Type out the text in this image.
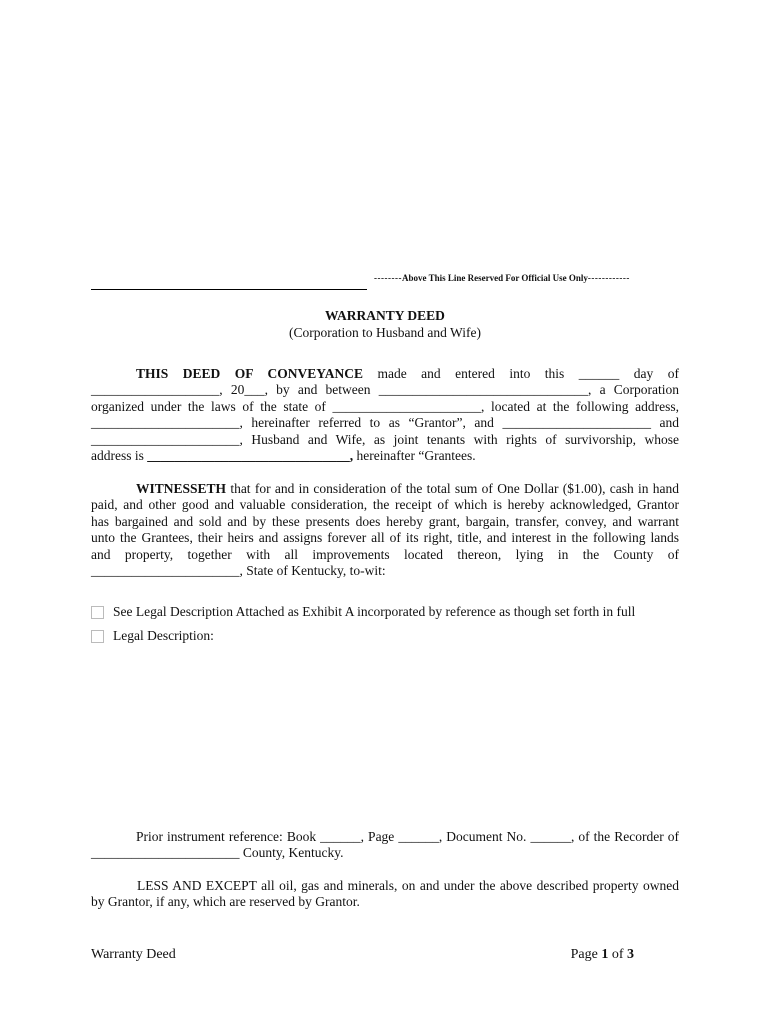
--------Above This Line Reserved For Official Use Only------------
WARRANTY DEED
(Corporation to Husband and Wife)

THIS DEED OF CONVEYANCE made and entered into this ______ day of

___________________, 20___, by and between _______________________________, a Corporation

organized under the laws of the state of ______________________, located at the following address,

______________________, hereinafter referred to as “Grantor”, and ______________________ and

______________________, Husband and Wife, as joint tenants with rights of survivorship, whose

address is ______________________________, hereinafter “Grantees.

WITNESSETH that for and in consideration of the total sum of One Dollar ($1.00), cash in hand

paid, and other good and valuable consideration, the receipt of which is hereby acknowledged, Grantor

has bargained and sold and by these presents does hereby grant, bargain, transfer, convey, and warrant

unto the Grantees, their heirs and assigns forever all of its right, title, and interest in the following lands

and property, together with all improvements located thereon, lying in the County of

______________________, State of Kentucky, to-wit:

See Legal Description Attached as Exhibit A incorporated by reference as though set forth in full
Legal Description:

Prior instrument reference: Book ______, Page ______, Document No. ______, of the Recorder of

______________________ County, Kentucky.

LESS AND EXCEPT all oil, gas and minerals, on and under the above described property owned

by Grantor, if any, which are reserved by Grantor.

Warranty Deed	Page 1 of 3
